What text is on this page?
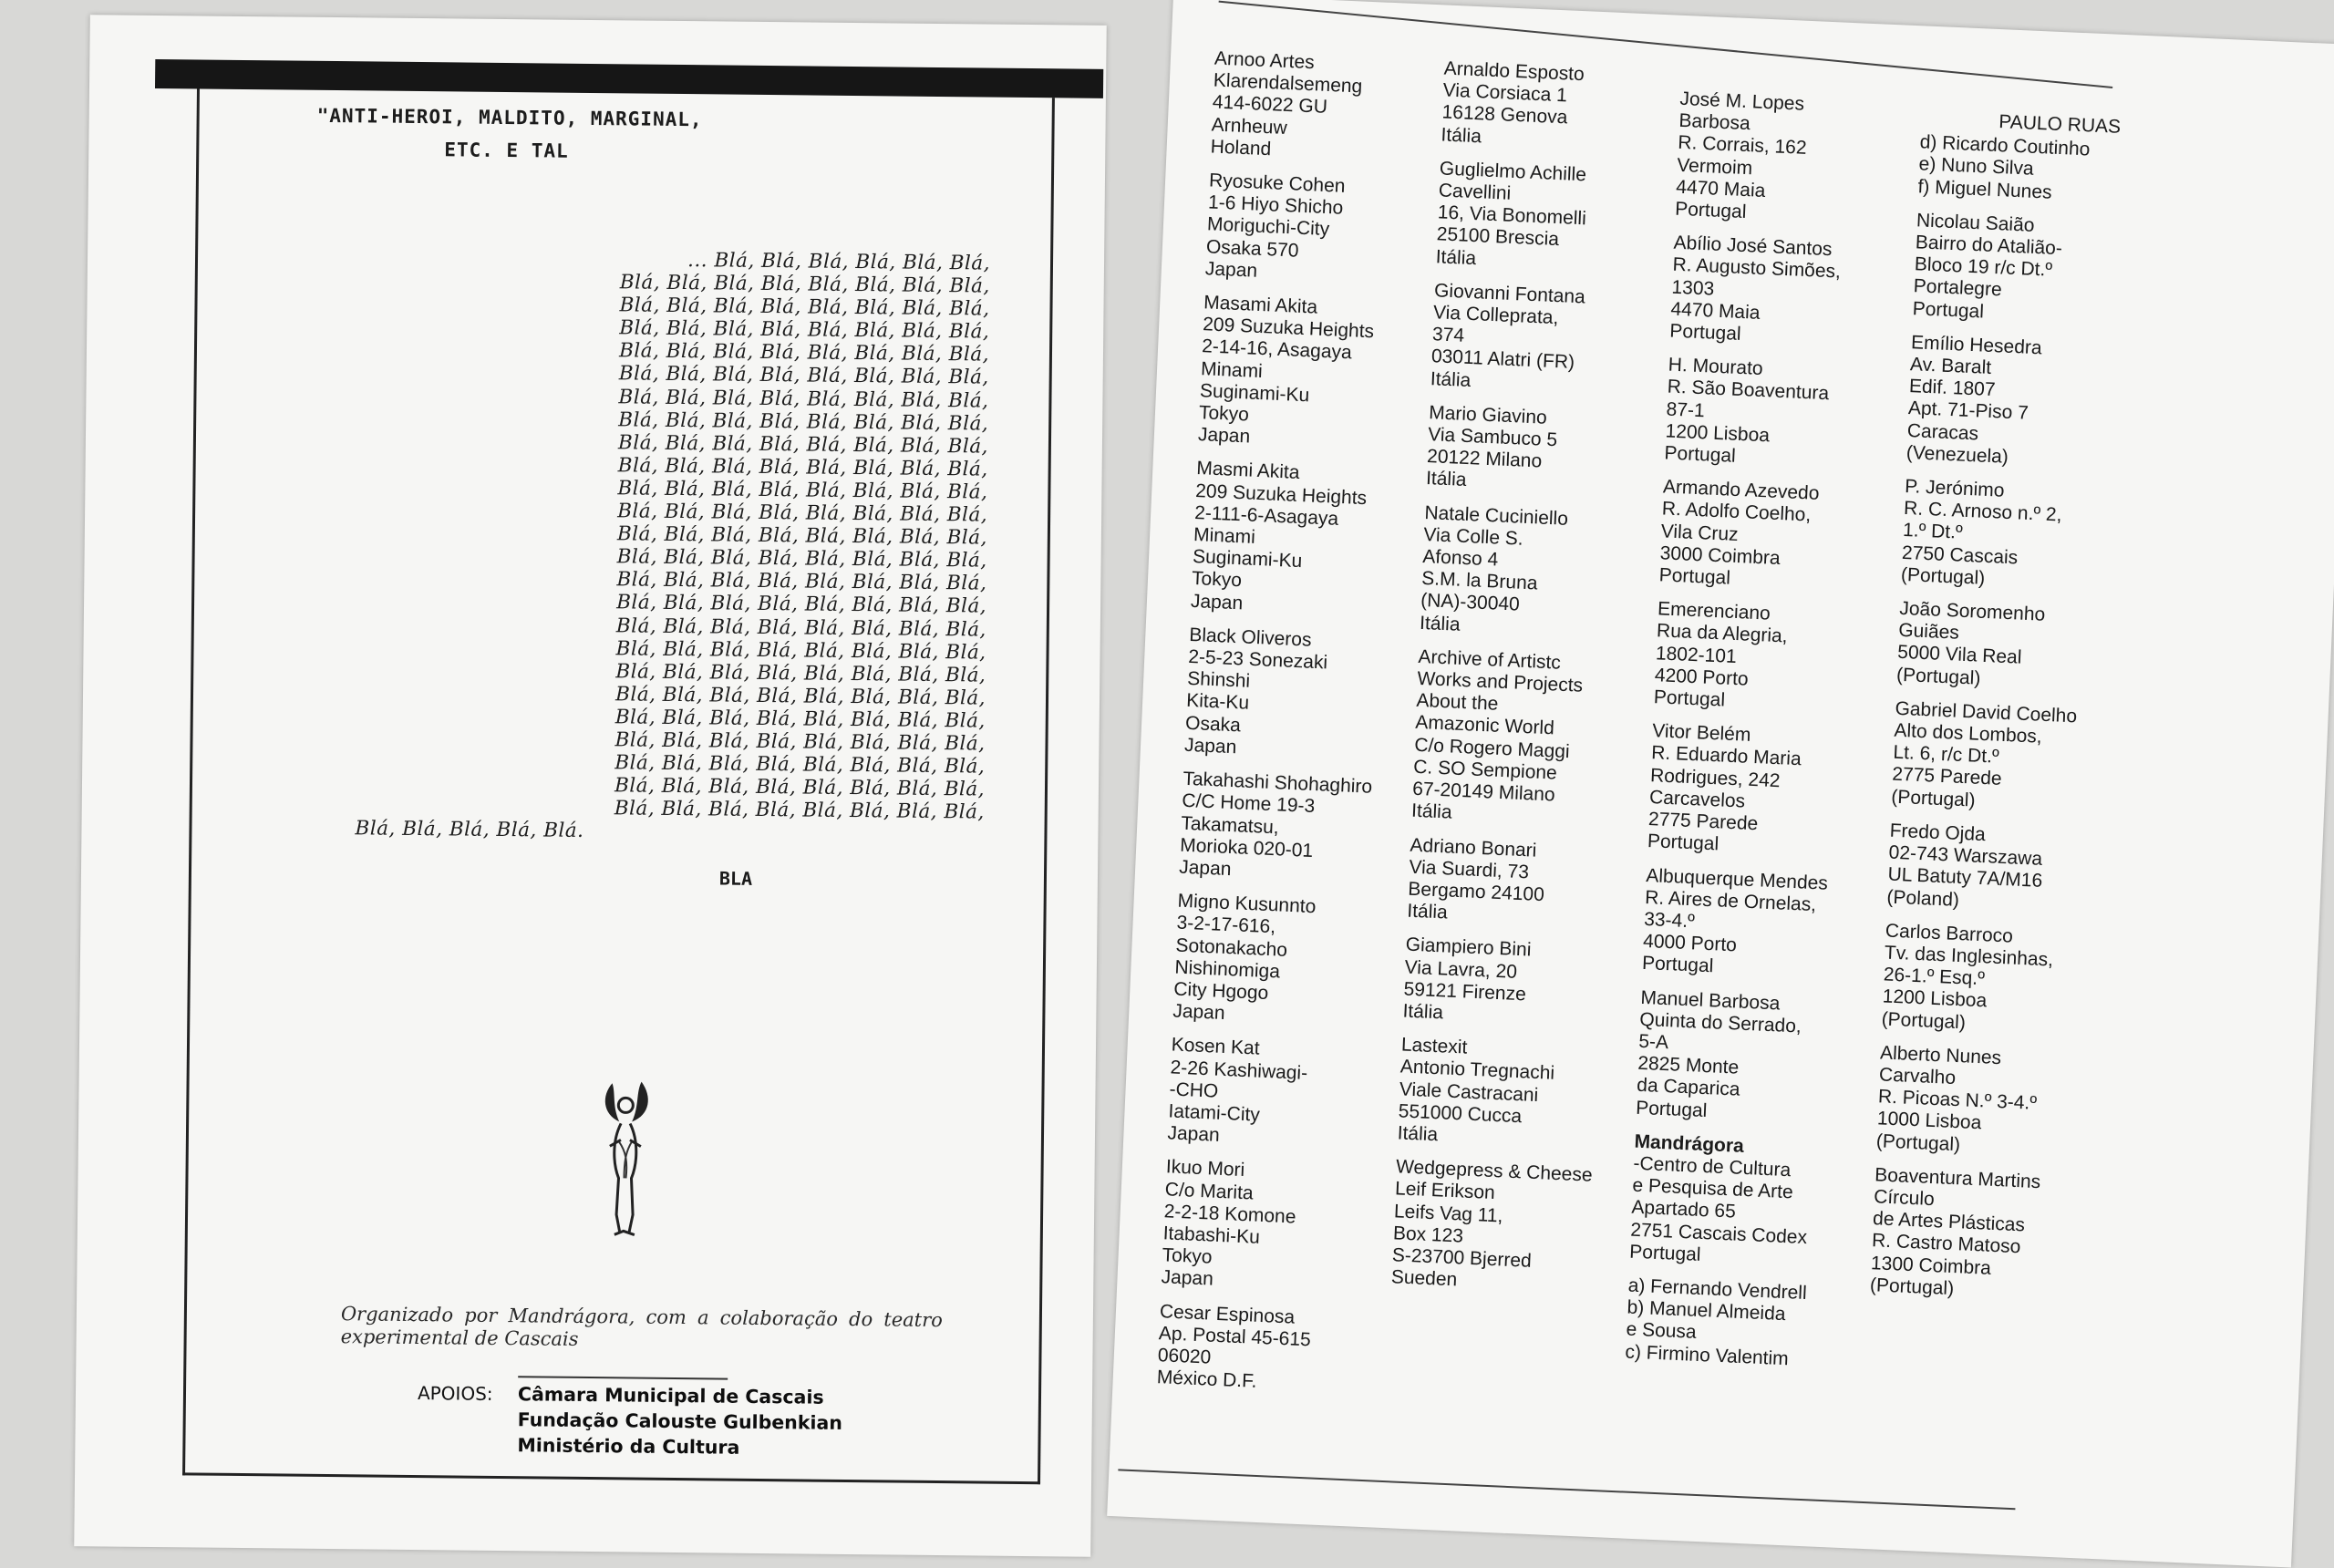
"ANTI-HEROI, MALDITO, MARGINAL,
ETC. E TAL
... Blá, Blá, Blá, Blá, Blá, Blá,
Blá, Blá, Blá, Blá, Blá, Blá, Blá, Blá,
Blá, Blá, Blá, Blá, Blá, Blá, Blá, Blá,
Blá, Blá, Blá, Blá, Blá, Blá, Blá, Blá,
Blá, Blá, Blá, Blá, Blá, Blá, Blá, Blá,
Blá, Blá, Blá, Blá, Blá, Blá, Blá, Blá,
Blá, Blá, Blá, Blá, Blá, Blá, Blá, Blá,
Blá, Blá, Blá, Blá, Blá, Blá, Blá, Blá,
Blá, Blá, Blá, Blá, Blá, Blá, Blá, Blá,
Blá, Blá, Blá, Blá, Blá, Blá, Blá, Blá,
Blá, Blá, Blá, Blá, Blá, Blá, Blá, Blá,
Blá, Blá, Blá, Blá, Blá, Blá, Blá, Blá,
Blá, Blá, Blá, Blá, Blá, Blá, Blá, Blá,
Blá, Blá, Blá, Blá, Blá, Blá, Blá, Blá,
Blá, Blá, Blá, Blá, Blá, Blá, Blá, Blá,
Blá, Blá, Blá, Blá, Blá, Blá, Blá, Blá,
Blá, Blá, Blá, Blá, Blá, Blá, Blá, Blá,
Blá, Blá, Blá, Blá, Blá, Blá, Blá, Blá,
Blá, Blá, Blá, Blá, Blá, Blá, Blá, Blá,
Blá, Blá, Blá, Blá, Blá, Blá, Blá, Blá,
Blá, Blá, Blá, Blá, Blá, Blá, Blá, Blá,
Blá, Blá, Blá, Blá, Blá, Blá, Blá, Blá,
Blá, Blá, Blá, Blá, Blá, Blá, Blá, Blá,
Blá, Blá, Blá, Blá, Blá, Blá, Blá, Blá,
Blá, Blá, Blá, Blá, Blá, Blá, Blá, Blá,
Blá, Blá, Blá, Blá, Blá.
BLA
Organizado por Mandrágora, com a colaboração do teatro experimental de Cascais
APOIOS: Câmara Municipal de Cascais
Fundação Calouste Gulbenkian
Ministério da Cultura
Arnoo Artes
Klarendalsemeng
414-6022 GU
Arnheuw
Holand
Ryosuke Cohen
1-6 Hiyo Shicho
Moriguchi-City
Osaka 570
Japan
Masami Akita
209 Suzuka Heights
2-14-16, Asagaya
Minami
Suginami-Ku
Tokyo
Japan
Masmi Akita
209 Suzuka Heights
2-111-6-Asagaya
Minami
Suginami-Ku
Tokyo
Japan
Black Oliveros
2-5-23 Sonezaki
Shinshi
Kita-Ku
Osaka
Japan
Takahashi Shohaghiro
C/C Home 19-3
Takamatsu,
Morioka 020-01
Japan
Migno Kusunnto
3-2-17-616,
Sotonakacho
Nishinomiga
City Hgogo
Japan
Kosen Kat
2-26 Kashiwagi-
-CHO
Iatami-City
Japan
Ikuo Mori
C/o Marita
2-2-18 Komone
Itabashi-Ku
Tokyo
Japan
Cesar Espinosa
Ap. Postal 45-615
06020
México D.F.
Arnaldo Esposto
Via Corsiaca 1
16128 Genova
Itália
Guglielmo Achille
Cavellini
16, Via Bonomelli
25100 Brescia
Itália
Giovanni Fontana
Via Collepratа,
374
03011 Alatri (FR)
Itália
Mario Giavino
Via Sambuco 5
20122 Milano
Itália
Natale Cuciniello
Via Colle S.
Afonso 4
S.M. la Bruna
(NA)-30040
Itália
Archive of Artistc
Works and Projects
About the
Amazonic World
C/o Rogero Maggi
C. SO Sempione
67-20149 Milano
Itália
Adriano Bonari
Via Suardi, 73
Bergamo 24100
Itália
Giampiero Bini
Via Lavra, 20
59121 Firenze
Itália
Lastexit
Antonio Tregnachi
Viale Castracani
551000 Cucca
Itália
Wedgepress & Cheese
Leif Erikson
Leifs Vag 11,
Box 123
S-23700 Bjerred
Sueden
José M. Lopes
Barbosa
R. Corrais, 162
Vermoim
4470 Maia
Portugal
Abílio José Santos
R. Augusto Simões,
1303
4470 Maia
Portugal
H. Mourato
R. São Boaventura
87-1
1200 Lisboa
Portugal
Armando Azevedo
R. Adolfo Coelho,
Vila Cruz
3000 Coimbra
Portugal
Emerenciano
Rua da Alegria,
1802-101
4200 Porto
Portugal
Vitor Belém
R. Eduardo Maria
Rodrigues, 242
Carcavelos
2775 Parede
Portugal
Albuquerque Mendes
R. Aires de Ornelas,
33-4.º
4000 Porto
Portugal
Manuel Barbosa
Quinta do Serrado,
5-A
2825 Monte
da Caparica
Portugal
Mandrágora
-Centro de Cultura
e Pesquisa de Arte
Apartado 65
2751 Cascais Codex
Portugal
a) Fernando Vendrell
b) Manuel Almeida
e Sousa
c) Firmino Valentim
PAULO RUAS
d) Ricardo Coutinho
e) Nuno Silva
f) Miguel Nunes
Nicolau Saião
Bairro do Atalião-
Bloco 19 r/c Dt.º
Portalegre
Portugal
Emílio Hesedra
Av. Baralt
Edif. 1807
Apt. 71-Piso 7
Caracas
(Venezuela)
P. Jerónimo
R. C. Arnoso n.º 2,
1.º Dt.º
2750 Cascais
(Portugal)
João Soromenho
Guiães
5000 Vila Real
(Portugal)
Gabriel David Coelho
Alto dos Lombos,
Lt. 6, r/c Dt.º
2775 Parede
(Portugal)
Fredo Ojda
02-743 Warszawa
UL Batuty 7A/M16
(Poland)
Carlos Barroco
Tv. das Inglesinhas,
26-1.º Esq.º
1200 Lisboa
(Portugal)
Alberto Nunes
Carvalho
R. Picoas N.º 3-4.º
1000 Lisboa
(Portugal)
Boaventura Martins
Círculo
de Artes Plásticas
R. Castro Matoso
1300 Coimbra
(Portugal)
